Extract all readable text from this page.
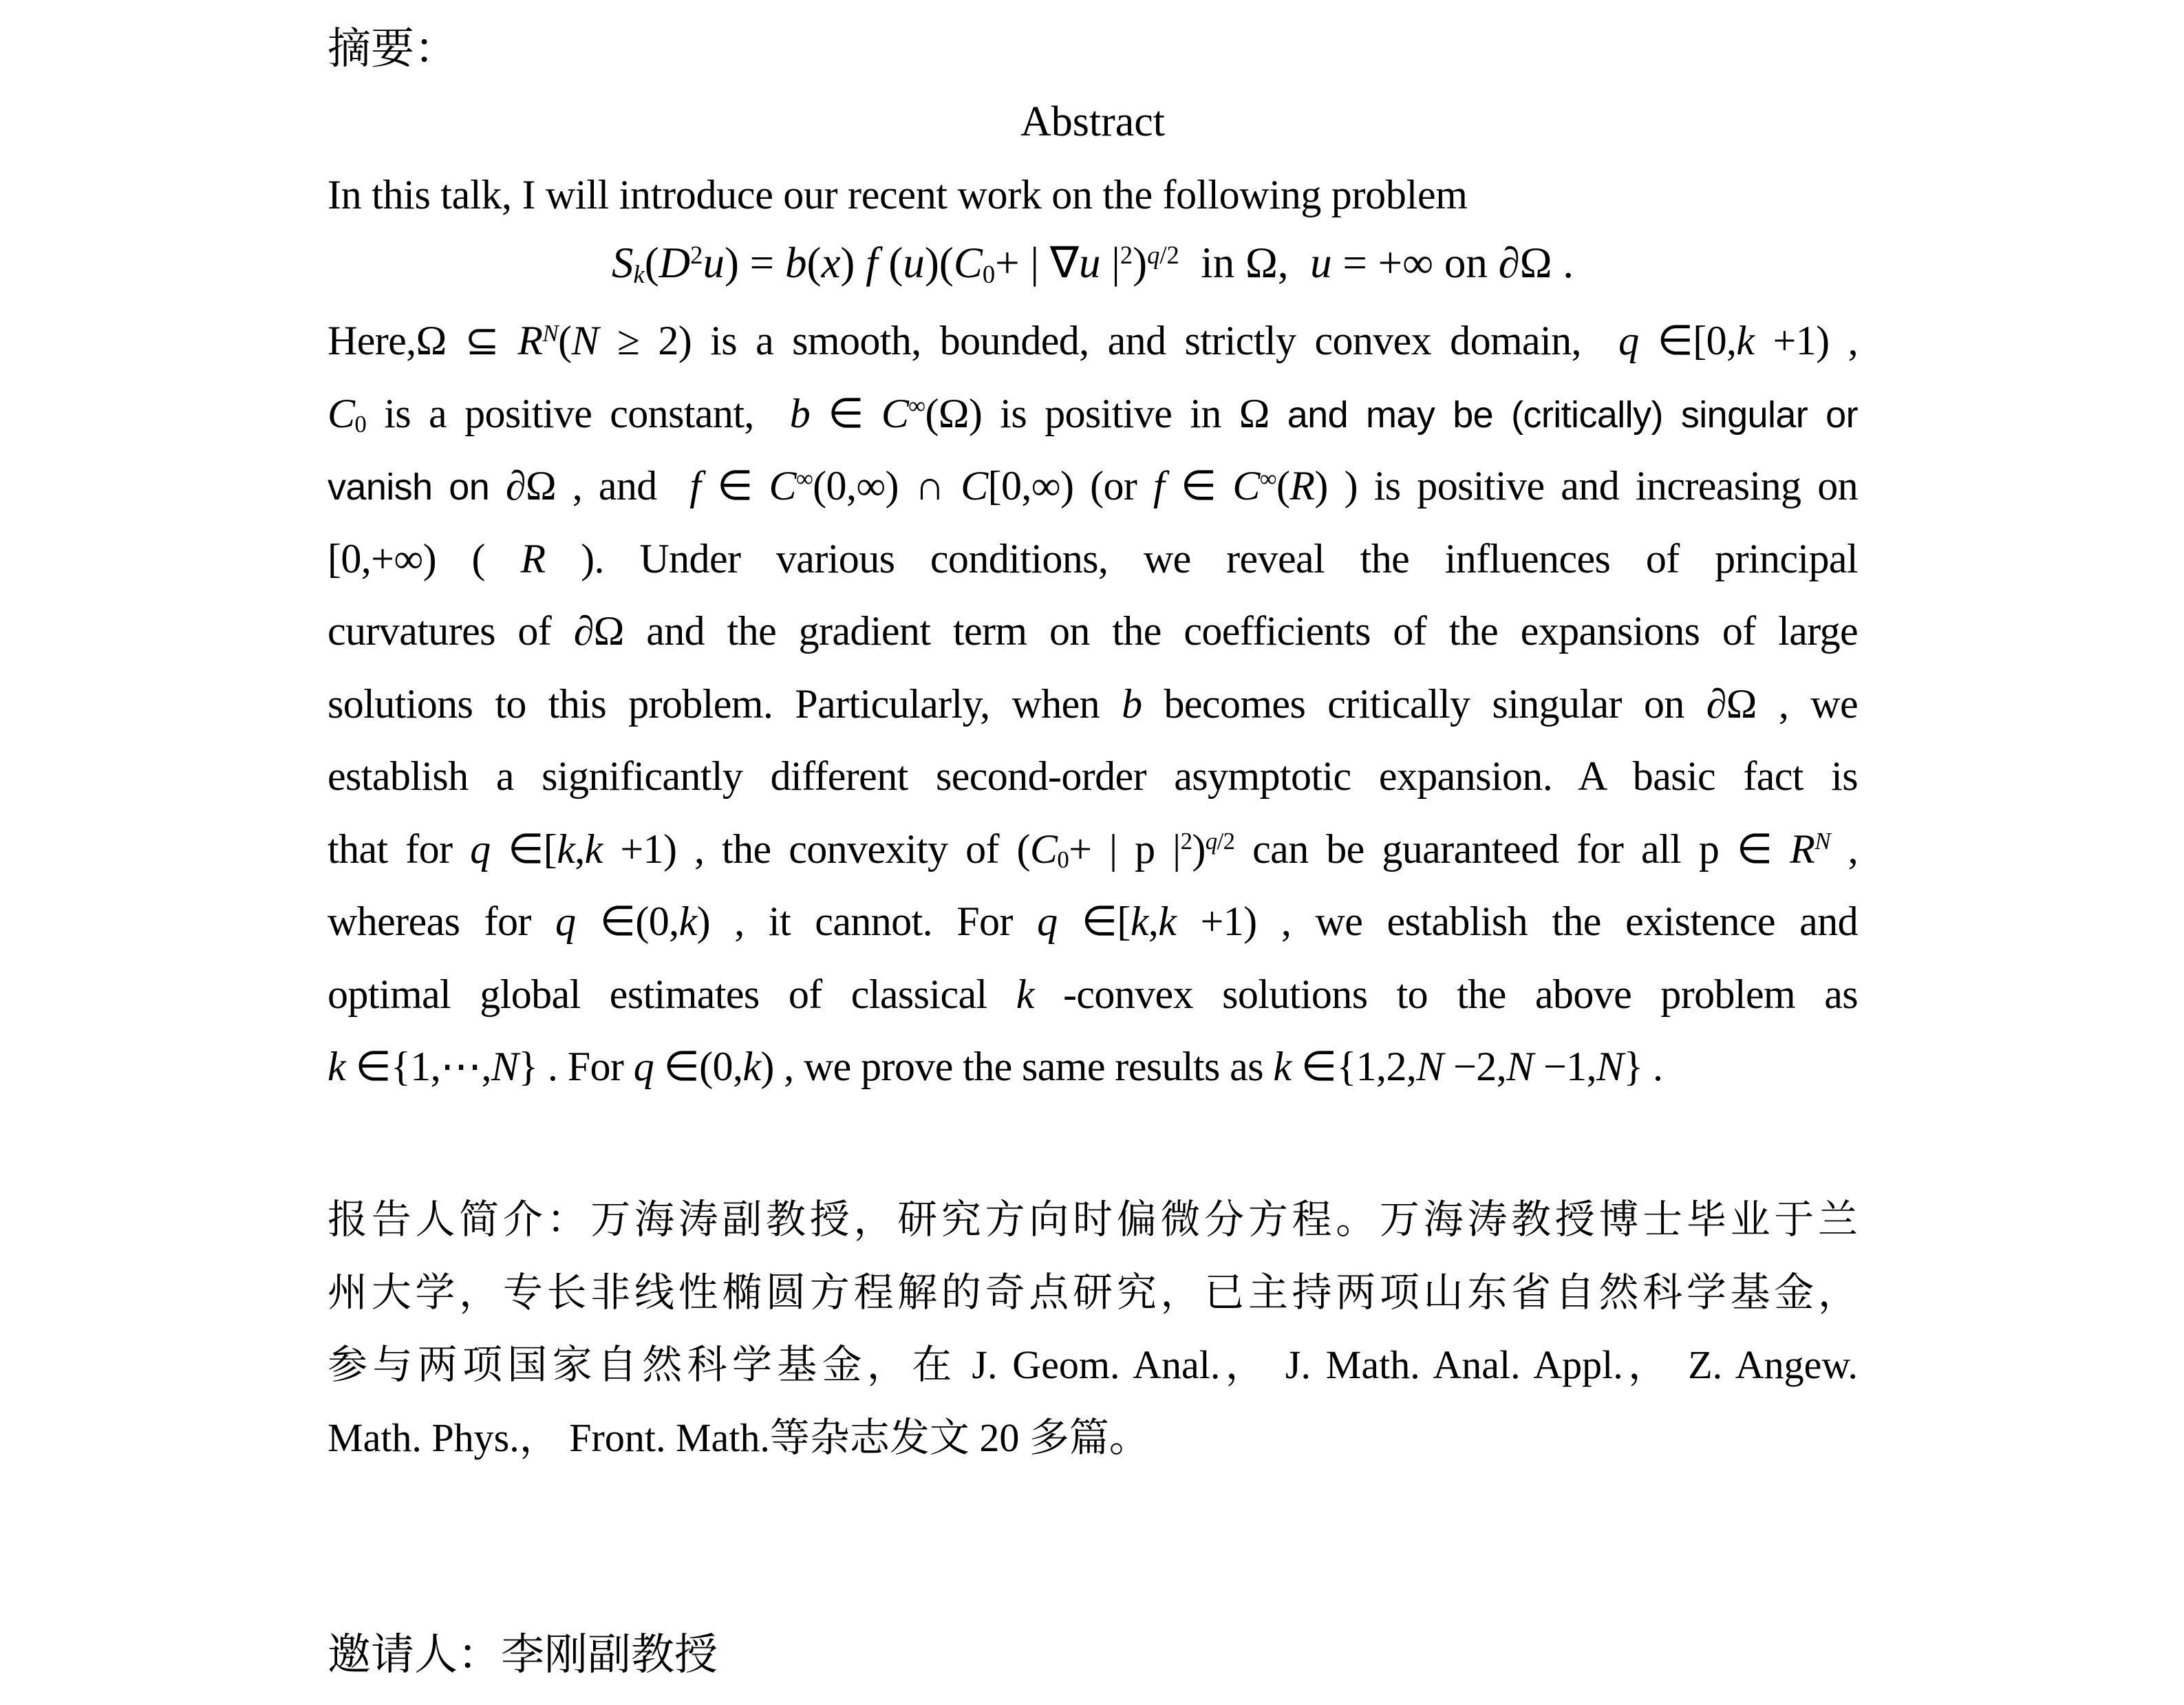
摘要：
Abstract
In this talk, I will introduce our recent work on the following problem
$Sk(D^2u) = b(x)$ f (u)(C0+ | ∇u $|^2)^{q/2}$  in Ω,  u = +∞ on ∂Ω .
Here,Ω ⊆ $R^N(N \ge 2)$ is a smooth, bounded, and strictly convex domain,  q ∈[0,k +1) ,
C0 is a positive constant,  b ∈ C∞(Ω) is positive in Ω and may be (critically) singular or
vanish on ∂Ω , and  f ∈ C∞(0,∞) ∩ C[0,∞) (or f ∈ C∞(R) ) is positive and increasing on
[0,+∞) ( R ). Under various conditions, we reveal the influences of principal
curvatures of ∂Ω and the gradient term on the coefficients of the expansions of large
solutions to this problem. Particularly, when b becomes critically singular on ∂Ω , we
establish a significantly different second-order asymptotic expansion. A basic fact is
that for q ∈[k,k +1) , the convexity of (C0+ | p $|^2)^{q/2}$ can be guaranteed for all p ∈ $R^N$ ,
whereas for q ∈(0,k) , it cannot. For q ∈[k,k +1) , we establish the existence and
optimal global estimates of classical k -convex solutions to the above problem as
k ∈{1,⋯,N} . For q ∈(0,k) , we prove the same results as k ∈{1,2,N −2,N −1,N} .
报告人简介：万海涛副教授，研究方向时偏微分方程。万海涛教授博士毕业于兰
州大学，专长非线性椭圆方程解的奇点研究，已主持两项山东省自然科学基金，
参与两项国家自然科学基金，在 J. Geom. Anal.， J. Math. Anal. Appl.， Z. Angew.
Math. Phys.， Front. Math.等杂志发文 20 多篇。
邀请人：李刚副教授
